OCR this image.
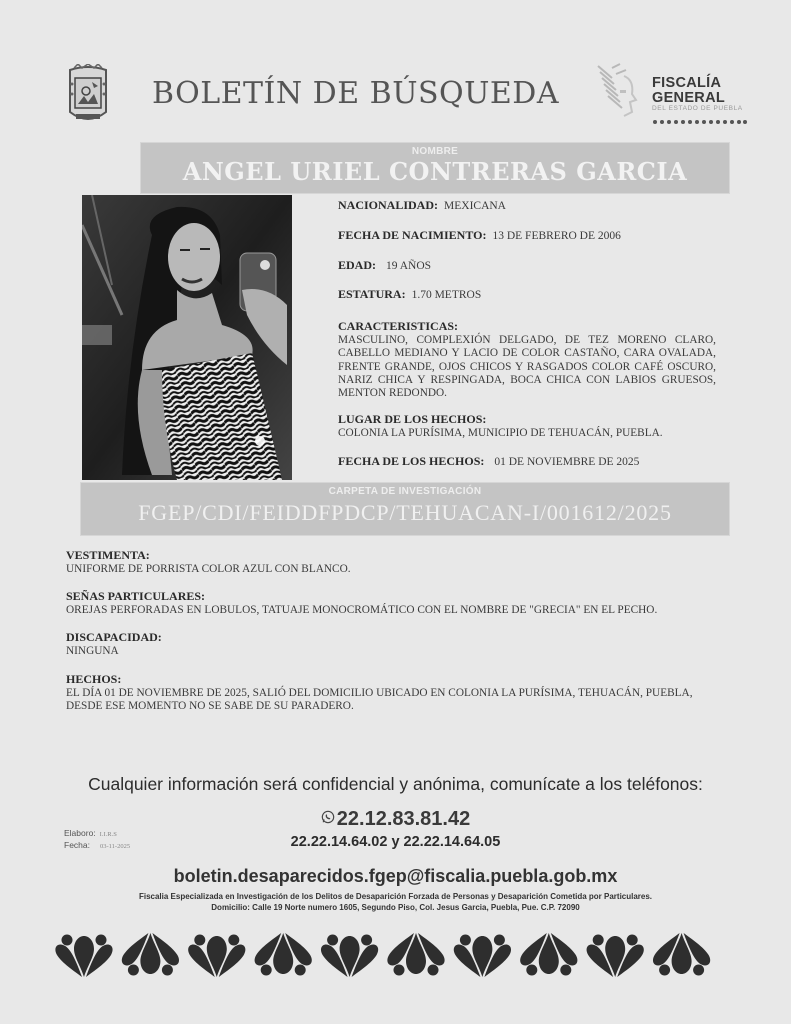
BOLETÍN DE BÚSQUEDA	FISCALÍA
GENERAL
DEL ESTADO DE PUEBLA
NOMBRE
ANGEL URIEL CONTRERAS GARCIA
NACIONALIDAD: MEXICANA
FECHA DE NACIMIENTO: 13 DE FEBRERO DE 2006
EDAD: 19 AÑOS
ESTATURA: 1.70 METROS
CARACTERISTICAS:
MASCULINO, COMPLEXIÓN DELGADO, DE TEZ MORENO CLARO, CABELLO MEDIANO Y LACIO DE COLOR CASTAÑO, CARA OVALADA, FRENTE GRANDE, OJOS CHICOS Y RASGADOS COLOR CAFÉ OSCURO, NARIZ CHICA Y RESPINGADA, BOCA CHICA CON LABIOS GRUESOS, MENTON REDONDO.
LUGAR DE LOS HECHOS:
COLONIA LA PURÍSIMA, MUNICIPIO DE TEHUACÁN, PUEBLA.
FECHA DE LOS HECHOS: 01 DE NOVIEMBRE DE 2025
CARPETA DE INVESTIGACIÓN
FGEP/CDI/FEIDDFPDCP/TEHUACAN-I/001612/2025
VESTIMENTA:
UNIFORME DE PORRISTA COLOR AZUL CON BLANCO.
SEÑAS PARTICULARES:
OREJAS PERFORADAS EN LOBULOS, TATUAJE MONOCROMÁTICO CON EL NOMBRE DE "GRECIA" EN EL PECHO.
DISCAPACIDAD:
NINGUNA
HECHOS:
EL DÍA 01 DE NOVIEMBRE DE 2025, SALIÓ DEL DOMICILIO UBICADO EN COLONIA LA PURÍSIMA, TEHUACÁN, PUEBLA, DESDE ESE MOMENTO NO SE SABE DE SU PARADERO.
Cualquier información será confidencial y anónima, comunícate a los teléfonos:
22.12.83.81.42
22.22.14.64.02 y 22.22.14.64.05
Elaboro: I.I.R.S
Fecha: 03-11-2025
boletin.desaparecidos.fgep@fiscalia.puebla.gob.mx
Fiscalia Especializada en Investigación de los Delitos de Desaparición Forzada de Personas y Desaparición Cometida por Particulares.
Domicilio: Calle 19 Norte numero 1605, Segundo Piso, Col. Jesus Garcia, Puebla, Pue. C.P. 72090
